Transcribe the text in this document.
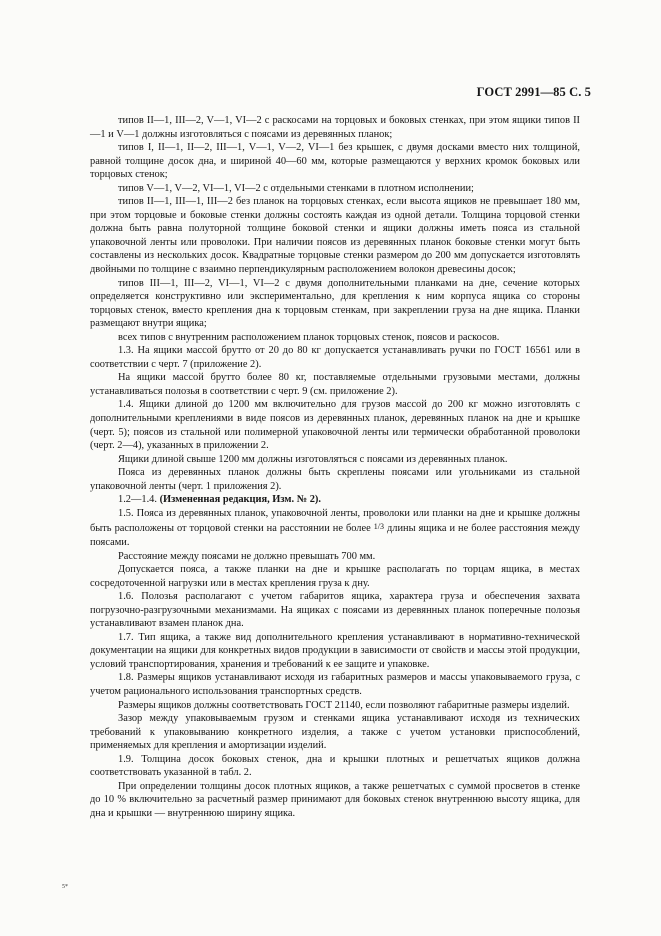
ГОСТ 2991—85 С. 5

типов II—1, III—2, V—1, VI—2 с раскосами на торцовых и боковых стенках, при этом ящики типов II—1 и V—1 должны изготовляться с поясами из деревянных планок;

типов I, II—1, II—2, III—1, V—1, V—2, VI—1 без крышек, с двумя досками вместо них толщиной, равной толщине досок дна, и шириной 40—60 мм, которые размещаются у верхних кромок боковых или торцовых стенок;

типов V—1, V—2, VI—1, VI—2 с отдельными стенками в плотном исполнении;

типов II—1, III—1, III—2 без планок на торцовых стенках, если высота ящиков не превышает 180 мм, при этом торцовые и боковые стенки должны состоять каждая из одной детали. Толщина торцовой стенки должна быть равна полуторной толщине боковой стенки и ящики должны иметь пояса из стальной упаковочной ленты или проволоки. При наличии поясов из деревянных планок боковые стенки могут быть составлены из нескольких досок. Квадратные торцовые стенки размером до 200 мм допускается изготовлять двойными по толщине с взаимно перпендикулярным расположением волокон древесины досок;

типов III—1, III—2, VI—1, VI—2 с двумя дополнительными планками на дне, сечение которых определяется конструктивно или экспериментально, для крепления к ним корпуса ящика со стороны торцовых стенок, вместо крепления дна к торцовым стенкам, при закреплении груза на дне ящика. Планки размещают внутри ящика;

всех типов с внутренним расположением планок торцовых стенок, поясов и раскосов.

1.3. На ящики массой брутто от 20 до 80 кг допускается устанавливать ручки по ГОСТ 16561 или в соответствии с черт. 7 (приложение 2).

На ящики массой брутто более 80 кг, поставляемые отдельными грузовыми местами, должны устанавливаться полозья в соответствии с черт. 9 (см. приложение 2).

1.4. Ящики длиной до 1200 мм включительно для грузов массой до 200 кг можно изготовлять с дополнительными креплениями в виде поясов из деревянных планок, деревянных планок на дне и крышке (черт. 5); поясов из стальной или полимерной упаковочной ленты или термически обработанной проволоки (черт. 2—4), указанных в приложении 2.

Ящики длиной свыше 1200 мм должны изготовляться с поясами из деревянных планок.

Пояса из деревянных планок должны быть скреплены поясами или угольниками из стальной упаковочной ленты (черт. 1 приложения 2).

1.2—1.4. (Измененная редакция, Изм. № 2).

1.5. Пояса из деревянных планок, упаковочной ленты, проволоки или планки на дне и крышке должны быть расположены от торцовой стенки на расстоянии не более 1/3 длины ящика и не более расстояния между поясами.

Расстояние между поясами не должно превышать 700 мм.

Допускается пояса, а также планки на дне и крышке располагать по торцам ящика, в местах сосредоточенной нагрузки или в местах крепления груза к дну.

1.6. Полозья располагают с учетом габаритов ящика, характера груза и обеспечения захвата погрузочно-разгрузочными механизмами. На ящиках с поясами из деревянных планок поперечные полозья устанавливают взамен планок дна.

1.7. Тип ящика, а также вид дополнительного крепления устанавливают в нормативно-технической документации на ящики для конкретных видов продукции в зависимости от свойств и массы этой продукции, условий транспортирования, хранения и требований к ее защите и упаковке.

1.8. Размеры ящиков устанавливают исходя из габаритных размеров и массы упаковываемого груза, с учетом рационального использования транспортных средств.

Размеры ящиков должны соответствовать ГОСТ 21140, если позволяют габаритные размеры изделий.

Зазор между упаковываемым грузом и стенками ящика устанавливают исходя из технических требований к упаковыванию конкретного изделия, а также с учетом установки приспособлений, применяемых для крепления и амортизации изделий.

1.9. Толщина досок боковых стенок, дна и крышки плотных и решетчатых ящиков должна соответствовать указанной в табл. 2.

При определении толщины досок плотных ящиков, а также решетчатых с суммой просветов в стенке до 10 % включительно за расчетный размер принимают для боковых стенок внутреннюю высоту ящика, для дна и крышки — внутреннюю ширину ящика.

5*
